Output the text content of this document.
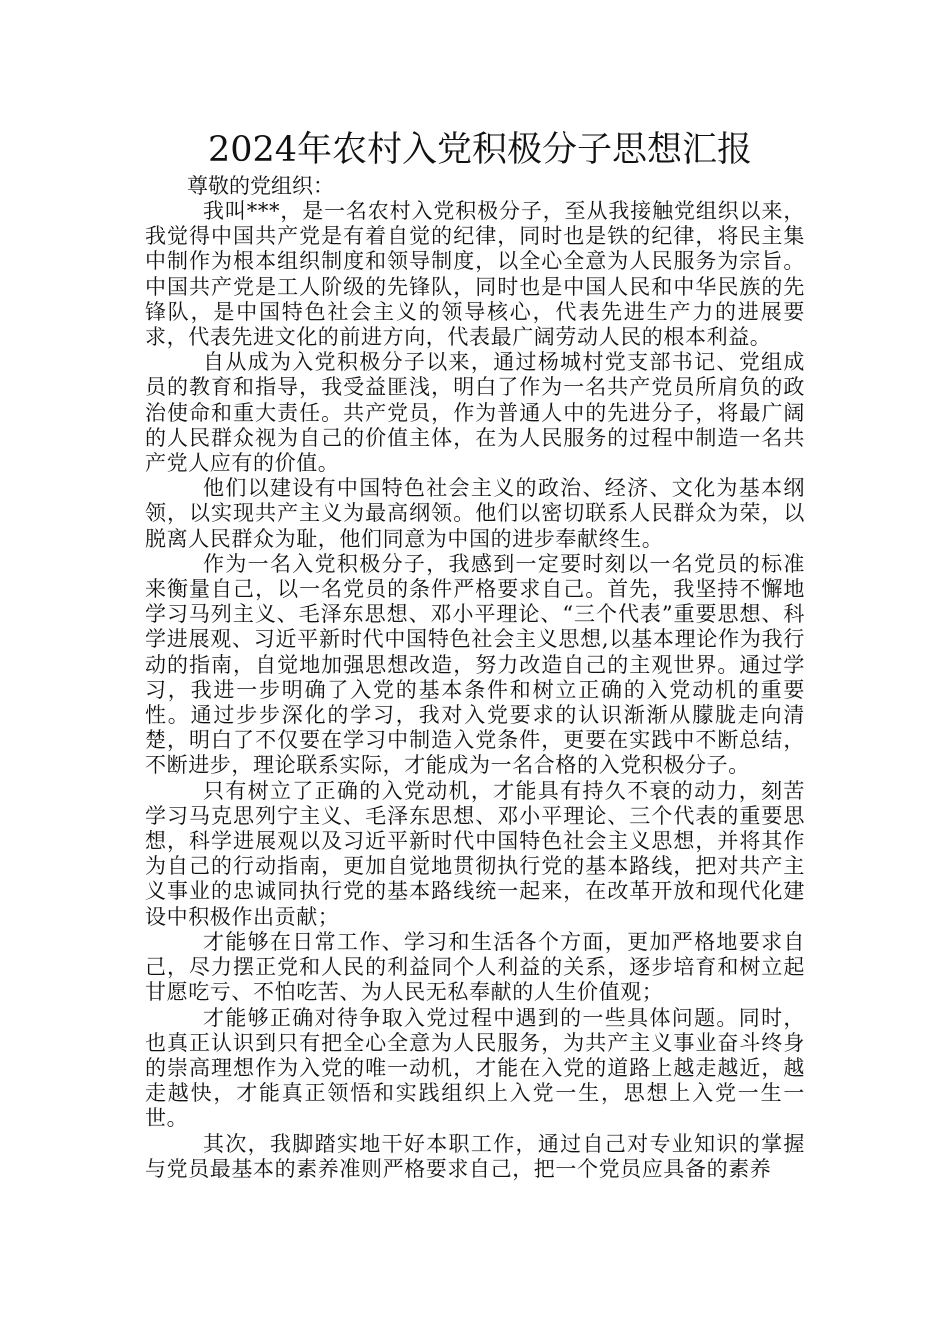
2024年农村入党积极分子思想汇报

尊敬的党组织：

我叫***，是一名农村入党积极分子，至从我接触党组织以来，我觉得中国共产党是有着自觉的纪律，同时也是铁的纪律，将民主集中制作为根本组织制度和领导制度，以全心全意为人民服务为宗旨。中国共产党是工人阶级的先锋队，同时也是中国人民和中华民族的先锋队，是中国特色社会主义的领导核心，代表先进生产力的进展要求，代表先进文化的前进方向，代表最广阔劳动人民的根本利益。

自从成为入党积极分子以来，通过杨城村党支部书记、党组成员的教育和指导，我受益匪浅，明白了作为一名共产党员所肩负的政治使命和重大责任。共产党员，作为普通人中的先进分子，将最广阔的人民群众视为自己的价值主体，在为人民服务的过程中制造一名共产党人应有的价值。

他们以建设有中国特色社会主义的政治、经济、文化为基本纲领，以实现共产主义为最高纲领。他们以密切联系人民群众为荣，以脱离人民群众为耻，他们同意为中国的进步奉献终生。

作为一名入党积极分子，我感到一定要时刻以一名党员的标准来衡量自己，以一名党员的条件严格要求自己。首先，我坚持不懈地学习马列主义、毛泽东思想、邓小平理论、“三个代表”重要思想、科学进展观、习近平新时代中国特色社会主义思想,以基本理论作为我行动的指南，自觉地加强思想改造，努力改造自己的主观世界。通过学习，我进一步明确了入党的基本条件和树立正确的入党动机的重要性。通过步步深化的学习，我对入党要求的认识渐渐从朦胧走向清楚，明白了不仅要在学习中制造入党条件，更要在实践中不断总结，不断进步，理论联系实际，才能成为一名合格的入党积极分子。

只有树立了正确的入党动机，才能具有持久不衰的动力，刻苦学习马克思列宁主义、毛泽东思想、邓小平理论、三个代表的重要思想，科学进展观以及习近平新时代中国特色社会主义思想，并将其作为自己的行动指南，更加自觉地贯彻执行党的基本路线，把对共产主义事业的忠诚同执行党的基本路线统一起来，在改革开放和现代化建设中积极作出贡献；

才能够在日常工作、学习和生活各个方面，更加严格地要求自己，尽力摆正党和人民的利益同个人利益的关系，逐步培育和树立起甘愿吃亏、不怕吃苦、为人民无私奉献的人生价值观；

才能够正确对待争取入党过程中遇到的一些具体问题。同时，也真正认识到只有把全心全意为人民服务，为共产主义事业奋斗终身的崇高理想作为入党的唯一动机，才能在入党的道路上越走越近，越走越快，才能真正领悟和实践组织上入党一生，思想上入党一生一世。

其次，我脚踏实地干好本职工作，通过自己对专业知识的掌握与党员最基本的素养准则严格要求自己，把一个党员应具备的素养
